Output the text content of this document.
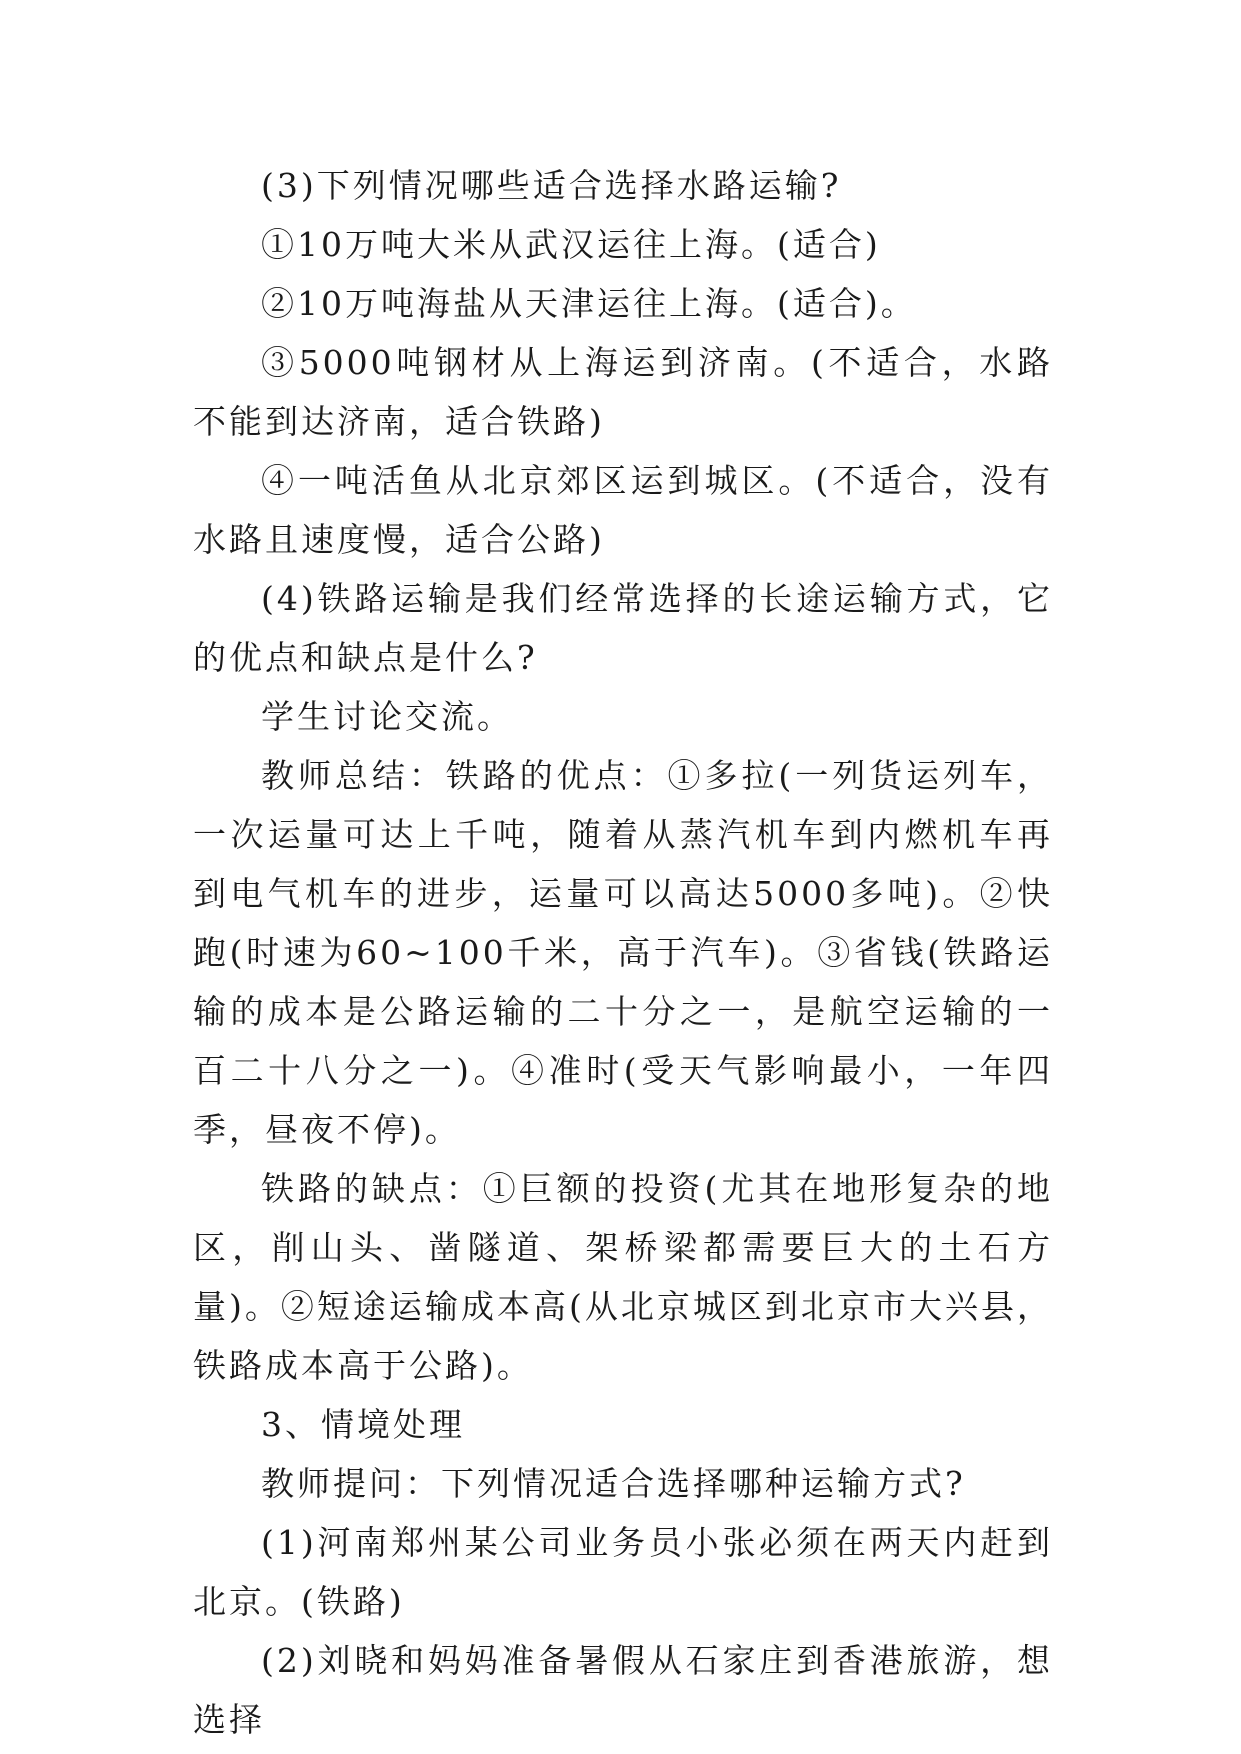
(3)下列情况哪些适合选择水路运输?

①10万吨大米从武汉运往上海。(适合)

②10万吨海盐从天津运往上海。(适合)。

③5000吨钢材从上海运到济南。(不适合，水路不能到达济南，适合铁路)

④一吨活鱼从北京郊区运到城区。(不适合，没有水路且速度慢，适合公路)

(4)铁路运输是我们经常选择的长途运输方式，它的优点和缺点是什么?

学生讨论交流。

教师总结：铁路的优点：①多拉(一列货运列车，一次运量可达上千吨，随着从蒸汽机车到内燃机车再到电气机车的进步，运量可以高达5000多吨)。②快跑(时速为60~100千米，高于汽车)。③省钱(铁路运输的成本是公路运输的二十分之一，是航空运输的一百二十八分之一)。④准时(受天气影响最小，一年四季，昼夜不停)。

铁路的缺点：①巨额的投资(尤其在地形复杂的地区，削山头、凿隧道、架桥梁都需要巨大的土石方量)。②短途运输成本高(从北京城区到北京市大兴县，铁路成本高于公路)。

3、情境处理

教师提问：下列情况适合选择哪种运输方式?

(1)河南郑州某公司业务员小张必须在两天内赶到北京。(铁路)

(2)刘晓和妈妈准备暑假从石家庄到香港旅游，想选择
